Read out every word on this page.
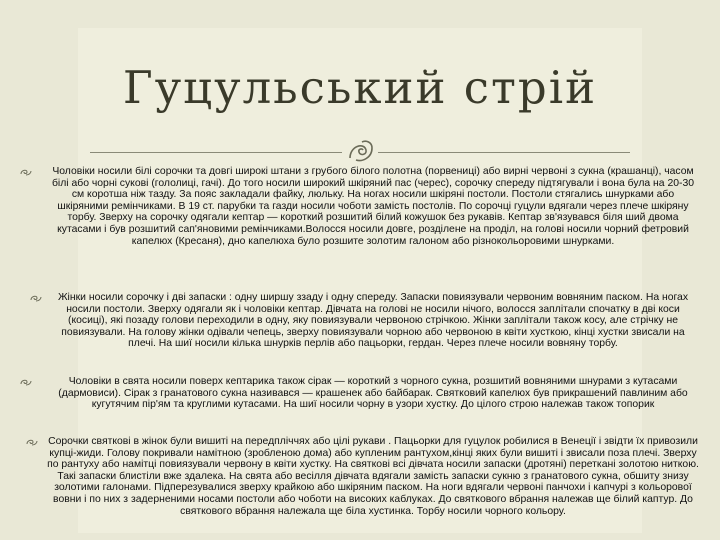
Гуцульський стрій

Чоловіки носили білі сорочки та довгі широкі штани з грубого білого полотна (порвениці) або вирні червоні з сукна (крашанці), часом білі або чорні сукові (гололиці, гачі). До того носили широкий шкіряний пас (черес), сорочку спереду підтягували і вона була на 20-30 см коротша ніж тазду. За пояс закладали файку, люльку. На ногах носили шкіряні постоли. Постоли стягались шнурками або шкіряними ремінчиками. В 19 ст. парубки та газди носили чоботи замість постолів. По сорочці гуцули вдягали через плече шкіряну торбу. Зверху на сорочку одягали кептар — короткий розшитий білий кожушок без рукавів. Кептар зв'язувався біля ший двома кутасами і був розшитий сап'яновими ремінчиками.Волосся носили довге, розділене на проділ, на голові носили чорний фетровий капелюх (Кресаня), дно капелюха було розшите золотим галоном або різнокольоровими шнурками.

Жінки носили сорочку і дві запаски : одну ширшу ззаду і одну спереду. Запаски повиязували червоним вовняним паском. На ногах носили постоли. Зверху одягали як і чоловіки кептар. Дівчата на голові не носили нічого, волосся заплітали спочатку в дві коси (косиці), які позаду голови переходили в одну, яку повиязували червоною стрічкою. Жінки заплітали також косу, але стрічку не повиязували. На голову жінки одівали чепець, зверху повиязували чорною або червоною в квіти хусткою, кінці хустки звисали на плечі. На шиї носили кілька шнурків перлів або пацьорки, гердан. Через плече носили вовняну торбу.

Чоловіки в свята носили поверх кептарика також сірак — короткий з чорного сукна, розшитий вовняними шнурами з кутасами (дармовиси). Сірак з гранатового сукна називався — крашенек або байбарак. Святковий капелюх був прикрашений павлиним або кугутячим пір'ям та круглими кутасами. На шиї носили чорну в узори хустку. До цілого строю належав також топорик

Сорочки святкові в жінок були вишиті на передпліччях або цілі рукави . Пацьорки для гуцулок робилися в Венеції і звідти їх привозили купці-жиди. Голову покривали намітною (зробленою дома) або купленим рантухом,кінці яких були вишиті і звисали поза плечі. Зверху по рантуху або намітці повиязували червону в квіти хустку. На святкові всі дівчата носили запаски (дротяні) переткані золотою ниткою. Такі запаски блистіли вже здалека. На свята або весілля дівчата вдягали замість запаски сукню з гранатового сукна, обшиту знизу золотими галонами. Підперезувалися зверху крайкою або шкіряним паском. На ноги вдягали червоні панчохи і капчурі з кольорової вовни і по них з задерненими носами постоли або чоботи на високих каблуках. До святкового вбрання належав ще білий каптур. До святкового вбрання належала ще біла хустинка. Торбу носили чорного кольору.
